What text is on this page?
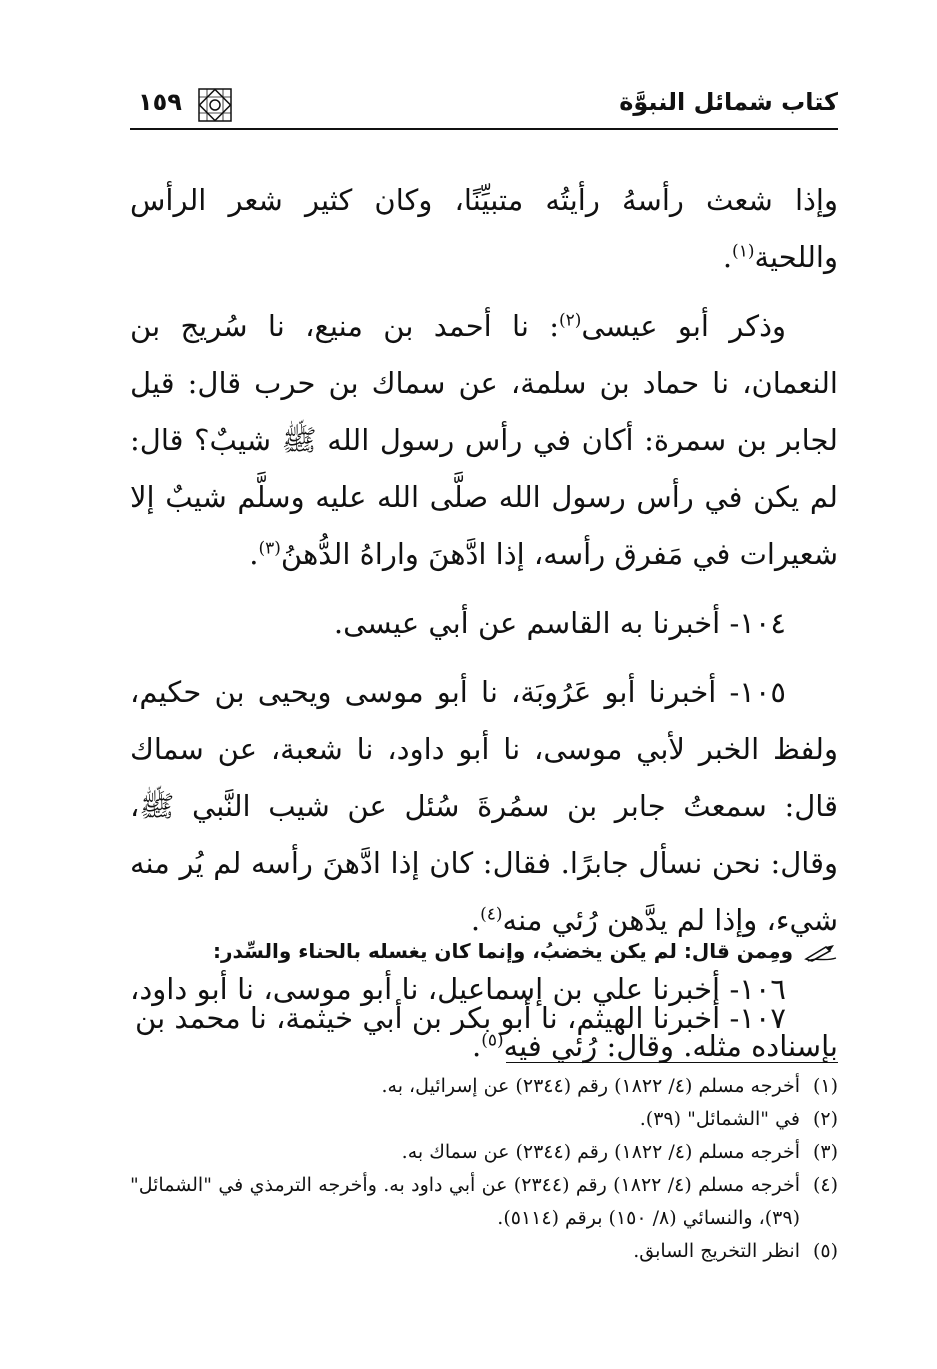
كتاب شمائل النبوَّة
١٥٩

وإذا شعث رأسهُ رأيتُه متبيِّنًا، وكان كثير شعر الرأس واللحية$^{(١)}$.

وذكر أبو عيسى$^{(٢)}$: نا أحمد بن منيع، نا سُريج بن النعمان، نا حماد بن سلمة، عن سماك بن حرب قال: قيل لجابر بن سمرة: أكان في رأس رسول الله ﷺ شيبٌ؟ قال: لم يكن في رأس رسول الله صلَّى الله عليه وسلَّم شيبٌ إلا شعيرات في مَفرق رأسه، إذا ادَّهنَ واراهُ الدُّهنُ$^{(٣)}$.

١٠٤- أخبرنا به القاسم عن أبي عيسى.

١٠٥- أخبرنا أبو عَرُوبَة، نا أبو موسى ويحيى بن حكيم، ولفظ الخبر لأبي موسى، نا أبو داود، نا شعبة، عن سماك قال: سمعتُ جابر بن سمُرةَ سُئل عن شيب النَّبي ﷺ، وقال: نحن نسأل جابرًا. فقال: كان إذا ادَّهنَ رأسه لم يُر منه شيء، وإذا لم يدَّهن رُئي منه$^{(٤)}$.

١٠٦- أخبرنا علي بن إسماعيل، نا أبو موسى، نا أبو داود، بإسناده مثله. وقال: رُئي فيه$^{(٥)}$.

ومِمن قال: لم يكن يخضبُ، وإنما كان يغسله بالحناء والسِّدر:
١٠٧- أخبرنا الهيثم، نا أبو بكر بن أبي خيثمة، نا محمد بن
(١)
أخرجه مسلم (٤/ ١٨٢٢) رقم (٢٣٤٤) عن إسرائيل، به.
(٢)
في "الشمائل" (٣٩).
(٣)
أخرجه مسلم (٤/ ١٨٢٢) رقم (٢٣٤٤) عن سماك به.
(٤)
أخرجه مسلم (٤/ ١٨٢٢) رقم (٢٣٤٤) عن أبي داود به. وأخرجه الترمذي في "الشمائل" (٣٩)، والنسائي (٨/ ١٥٠) برقم (٥١١٤).
(٥)
انظر التخريج السابق.
